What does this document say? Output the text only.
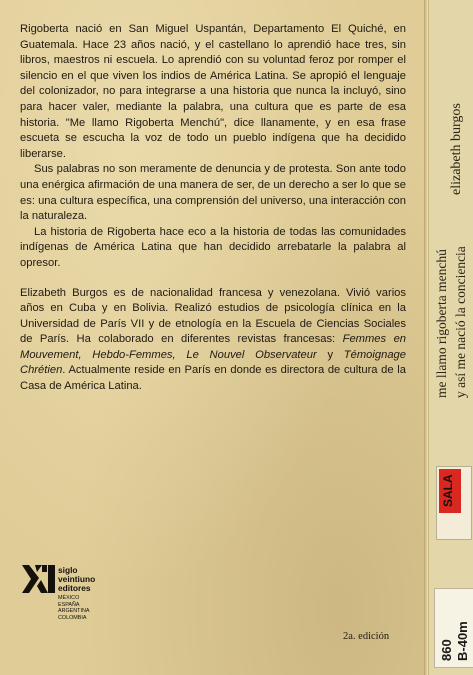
Rigoberta nació en San Miguel Uspantán, Departamento El Quiché, en Guatemala. Hace 23 años nació, y el castellano lo aprendió hace tres, sin libros, maestros ni escuela. Lo aprendió con su voluntad feroz por romper el silencio en el que viven los indios de América Latina. Se apropió el lenguaje del colonizador, no para integrarse a una historia que nunca la incluyó, sino para hacer valer, mediante la palabra, una cultura que es parte de esa historia. "Me llamo Rigoberta Menchú", dice llanamente, y en esa frase escueta se escucha la voz de todo un pueblo indígena que ha decidido liberarse.

Sus palabras no son meramente de denuncia y de protesta. Son ante todo una enérgica afirmación de una manera de ser, de un derecho a ser lo que se es: una cultura específica, una comprensión del universo, una interacción con la naturaleza.

La historia de Rigoberta hace eco a la historia de todas las comunidades indígenas de América Latina que han decidido arrebatarle la palabra al opresor.

Elizabeth Burgos es de nacionalidad francesa y venezolana. Vivió varios años en Cuba y en Bolivia. Realizó estudios de psicología clínica en la Universidad de París VII y de etnología en la Escuela de Ciencias Sociales de París. Ha colaborado en diferentes revistas francesas: Femmes en Mouvement, Hebdo-Femmes, Le Nouvel Observateur y Témoignage Chrétien. Actualmente reside en París en donde es directora de cultura de la Casa de América Latina.

siglo
veintiuno
editores
MÉXICO
ESPAÑA
ARGENTINA
COLOMBIA
2a. edición
elizabeth burgos
me llamo rigoberta menchú y así me nació la conciencia
SALA
860 B-40m
